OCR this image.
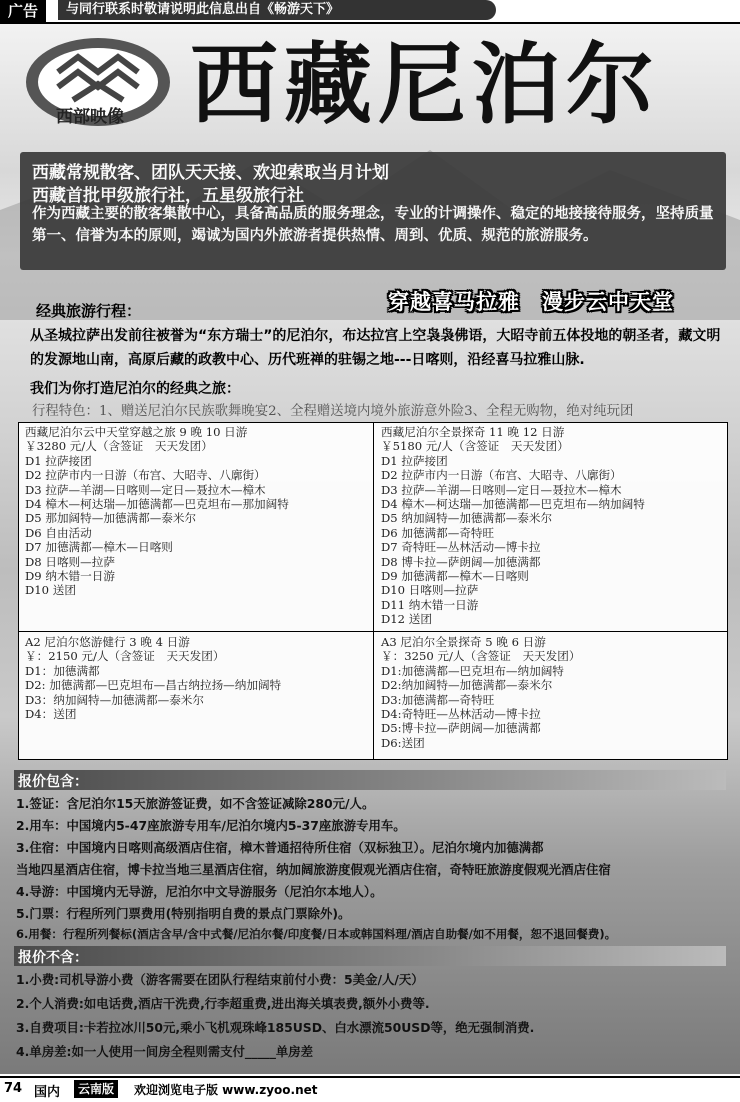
广告	与同行联系时敬请说明此信息出自《畅游天下》
西部映像 西藏尼泊尔
西藏常规散客、团队天天接、欢迎索取当月计划
西藏首批甲级旅行社，五星级旅行社
作为西藏主要的散客集散中心，具备高品质的服务理念，专业的计调操作、稳定的地接接待服务，坚持质量第一、信誉为本的原则，竭诚为国内外旅游者提供热情、周到、优质、规范的旅游服务。
经典旅游行程：	穿越喜马拉雅　漫步云中天堂
从圣城拉萨出发前往被誉为“东方瑞士”的尼泊尔，布达拉宫上空袅袅佛语，大昭寺前五体投地的朝圣者，藏文明的发源地山南，高原后藏的政教中心、历代班禅的驻锡之地---日喀则，沿经喜马拉雅山脉.
我们为你打造尼泊尔的经典之旅：
行程特色：1、赠送尼泊尔民族歌舞晚宴2、全程赠送境内境外旅游意外险3、全程无购物，绝对纯玩团
西藏尼泊尔云中天堂穿越之旅 9 晚 10 日游
￥3280 元/人（含签证　天天发团）
D1 拉萨接团
D2 拉萨市内一日游（布宫、大昭寺、八廓街）
D3 拉萨—羊湖—日喀则—定日—聂拉木—樟木
D4 樟木—柯达瑞—加德满都—巴克坦布—那加阔特
D5 那加阔特—加德满都—泰米尔
D6 自由活动
D7 加德满都—樟木—日喀则
D8 日喀则—拉萨
D9 纳木错一日游
D10 送团
西藏尼泊尔全景探奇 11 晚 12 日游
￥5180 元/人（含签证　天天发团）
D1 拉萨接团
D2 拉萨市内一日游（布宫、大昭寺、八廓街）
D3 拉萨—羊湖—日喀则—定日—聂拉木—樟木
D4 樟木—柯达瑞—加德满都—巴克坦布—纳加阔特
D5 纳加阔特—加德满都—泰米尔
D6 加德满都—奇特旺
D7 奇特旺—丛林活动—博卡拉
D8 博卡拉—萨朗阔—加德满都
D9 加德满都—樟木—日喀则
D10 日喀则—拉萨
D11 纳木错一日游
D12 送团
A2 尼泊尔悠游健行 3 晚 4 日游
￥：2150 元/人（含签证　天天发团）
D1：加德满都
D2: 加德满都—巴克坦布—昌古纳拉扬—纳加阔特
D3：纳加阔特—加德满都—泰米尔
D4：送团
A3 尼泊尔全景探奇 5 晚 6 日游
￥：3250 元/人（含签证　天天发团）
D1:加德满都—巴克坦布—纳加阔特
D2:纳加阔特—加德满都—泰米尔
D3:加德满都—奇特旺
D4:奇特旺—丛林活动—博卡拉
D5:博卡拉—萨朗阔—加德满都
D6:送团
报价包含：
1.签证：含尼泊尔15天旅游签证费，如不含签证减除280元/人。
2.用车：中国境内5-47座旅游专用车/尼泊尔境内5-37座旅游专用车。
3.住宿：中国境内日喀则高级酒店住宿，樟木普通招待所住宿（双标独卫）。尼泊尔境内加德满都
当地四星酒店住宿，博卡拉当地三星酒店住宿，纳加阔旅游度假观光酒店住宿，奇特旺旅游度假观光酒店住宿
4.导游：中国境内无导游，尼泊尔中文导游服务（尼泊尔本地人）。
5.门票：行程所列门票费用(特别指明自费的景点门票除外)。
6.用餐：行程所列餐标(酒店含早/含中式餐/尼泊尔餐/印度餐/日本或韩国料理/酒店自助餐/如不用餐，恕不退回餐费)。
报价不含：
1.小费:司机导游小费（游客需要在团队行程结束前付小费：5美金/人/天）
2.个人消费:如电话费,酒店干洗费,行李超重费,进出海关填表费,额外小费等.
3.自费项目:卡若拉冰川50元,乘小飞机观珠峰185USD、白水漂流50USD等，绝无强制消费.
4.单房差:如一人使用一间房全程则需支付_____单房差
74 国内	云南版	欢迎浏览电子版 www.zyoo.net
